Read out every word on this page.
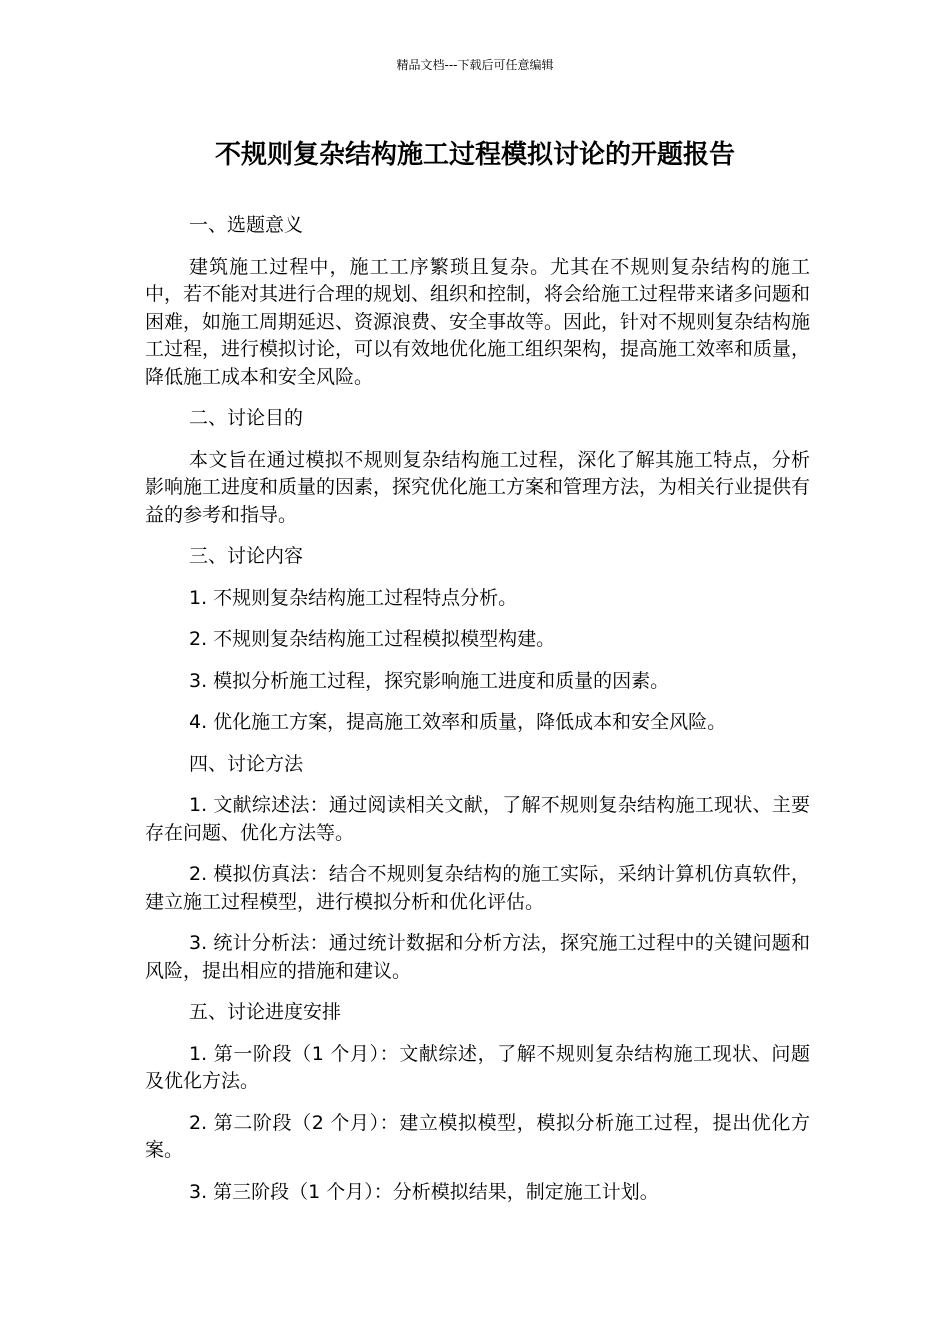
精品文档---下载后可任意编辑
不规则复杂结构施工过程模拟讨论的开题报告

一、选题意义

建筑施工过程中，施工工序繁琐且复杂。尤其在不规则复杂结构的施工中，若不能对其进行合理的规划、组织和控制，将会给施工过程带来诸多问题和困难，如施工周期延迟、资源浪费、安全事故等。因此，针对不规则复杂结构施工过程，进行模拟讨论，可以有效地优化施工组织架构，提高施工效率和质量，降低施工成本和安全风险。

二、讨论目的

本文旨在通过模拟不规则复杂结构施工过程，深化了解其施工特点，分析影响施工进度和质量的因素，探究优化施工方案和管理方法，为相关行业提供有益的参考和指导。

三、讨论内容

1. 不规则复杂结构施工过程特点分析。

2. 不规则复杂结构施工过程模拟模型构建。

3. 模拟分析施工过程，探究影响施工进度和质量的因素。

4. 优化施工方案，提高施工效率和质量，降低成本和安全风险。

四、讨论方法

1. 文献综述法：通过阅读相关文献，了解不规则复杂结构施工现状、主要存在问题、优化方法等。

2. 模拟仿真法：结合不规则复杂结构的施工实际，采纳计算机仿真软件，建立施工过程模型，进行模拟分析和优化评估。

3. 统计分析法：通过统计数据和分析方法，探究施工过程中的关键问题和风险，提出相应的措施和建议。

五、讨论进度安排

1. 第一阶段（1 个月）：文献综述，了解不规则复杂结构施工现状、问题及优化方法。

2. 第二阶段（2 个月）：建立模拟模型，模拟分析施工过程，提出优化方案。

3. 第三阶段（1 个月）：分析模拟结果，制定施工计划。
